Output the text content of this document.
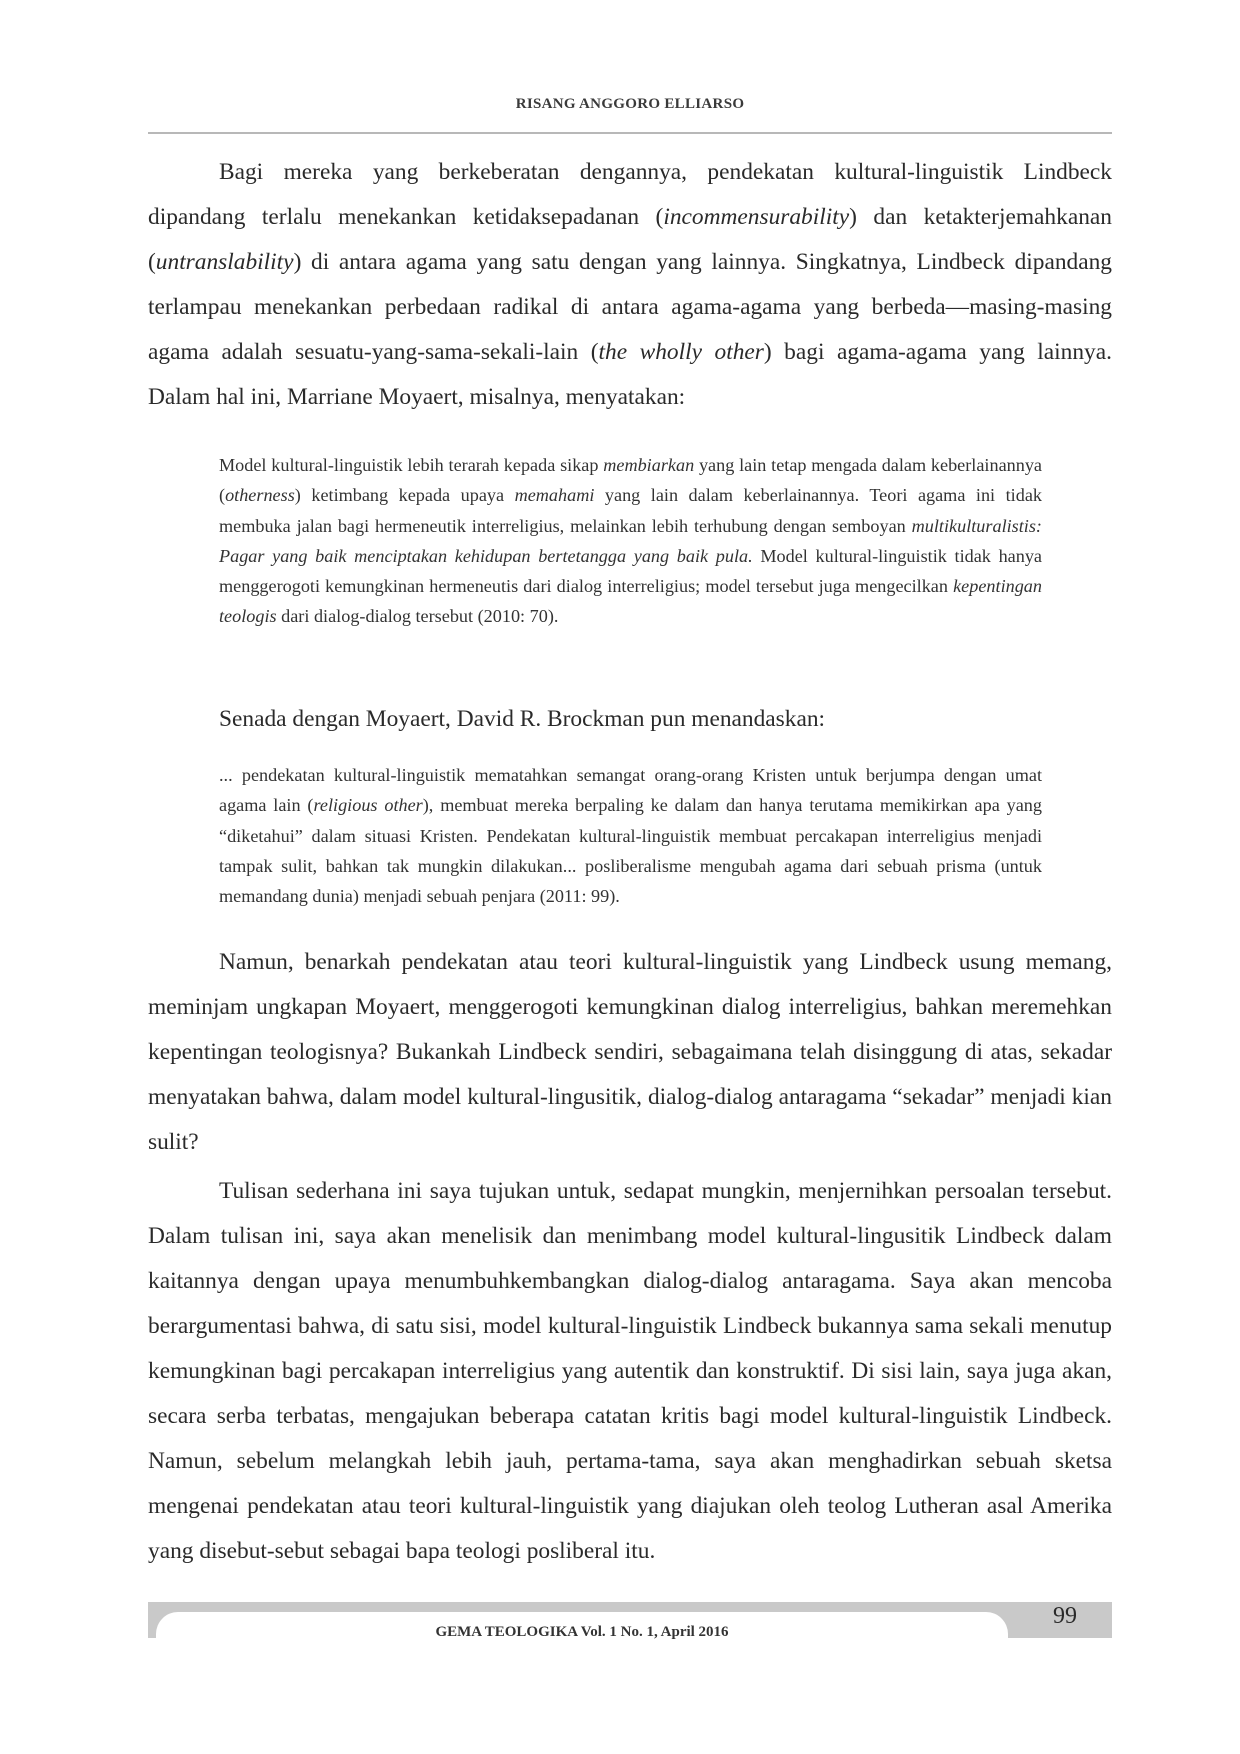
RISANG ANGGORO ELLIARSO

Bagi mereka yang berkeberatan dengannya, pendekatan kultural-linguistik Lindbeck dipandang terlalu menekankan ketidaksepadanan (incommensurability) dan ketakterjemahkanan (untranslability) di antara agama yang satu dengan yang lainnya. Singkatnya, Lindbeck dipandang terlampau menekankan perbedaan radikal di antara agama-agama yang berbeda—masing-masing agama adalah sesuatu-yang-sama-sekali-lain (the wholly other) bagi agama-agama yang lainnya. Dalam hal ini, Marriane Moyaert, misalnya, menyatakan:

Model kultural-linguistik lebih terarah kepada sikap membiarkan yang lain tetap mengada dalam keberlainannya (otherness) ketimbang kepada upaya memahami yang lain dalam keberlainannya. Teori agama ini tidak membuka jalan bagi hermeneutik interreligius, melainkan lebih terhubung dengan semboyan multikulturalistis: Pagar yang baik menciptakan kehidupan bertetangga yang baik pula. Model kultural-linguistik tidak hanya menggerogoti kemungkinan hermeneutis dari dialog interreligius; model tersebut juga mengecilkan kepentingan teologis dari dialog-dialog tersebut (2010: 70).

Senada dengan Moyaert, David R. Brockman pun menandaskan:

... pendekatan kultural-linguistik mematahkan semangat orang-orang Kristen untuk berjumpa dengan umat agama lain (religious other), membuat mereka berpaling ke dalam dan hanya terutama memikirkan apa yang “diketahui” dalam situasi Kristen. Pendekatan kultural-linguistik membuat percakapan interreligius menjadi tampak sulit, bahkan tak mungkin dilakukan... posliberalisme mengubah agama dari sebuah prisma (untuk memandang dunia) menjadi sebuah penjara (2011: 99).

Namun, benarkah pendekatan atau teori kultural-linguistik yang Lindbeck usung memang, meminjam ungkapan Moyaert, menggerogoti kemungkinan dialog interreligius, bahkan meremehkan kepentingan teologisnya? Bukankah Lindbeck sendiri, sebagaimana telah disinggung di atas, sekadar menyatakan bahwa, dalam model kultural-lingusitik, dialog-dialog antaragama “sekadar” menjadi kian sulit?

Tulisan sederhana ini saya tujukan untuk, sedapat mungkin, menjernihkan persoalan tersebut. Dalam tulisan ini, saya akan menelisik dan menimbang model kultural-lingusitik Lindbeck dalam kaitannya dengan upaya menumbuhkembangkan dialog-dialog antaragama. Saya akan mencoba berargumentasi bahwa, di satu sisi, model kultural-linguistik Lindbeck bukannya sama sekali menutup kemungkinan bagi percakapan interreligius yang autentik dan konstruktif. Di sisi lain, saya juga akan, secara serba terbatas, mengajukan beberapa catatan kritis bagi model kultural-linguistik Lindbeck. Namun, sebelum melangkah lebih jauh, pertama-tama, saya akan menghadirkan sebuah sketsa mengenai pendekatan atau teori kultural-linguistik yang diajukan oleh teolog Lutheran asal Amerika yang disebut-sebut sebagai bapa teologi posliberal itu.

GEMA TEOLOGIKA Vol. 1 No. 1, April 2016
99
